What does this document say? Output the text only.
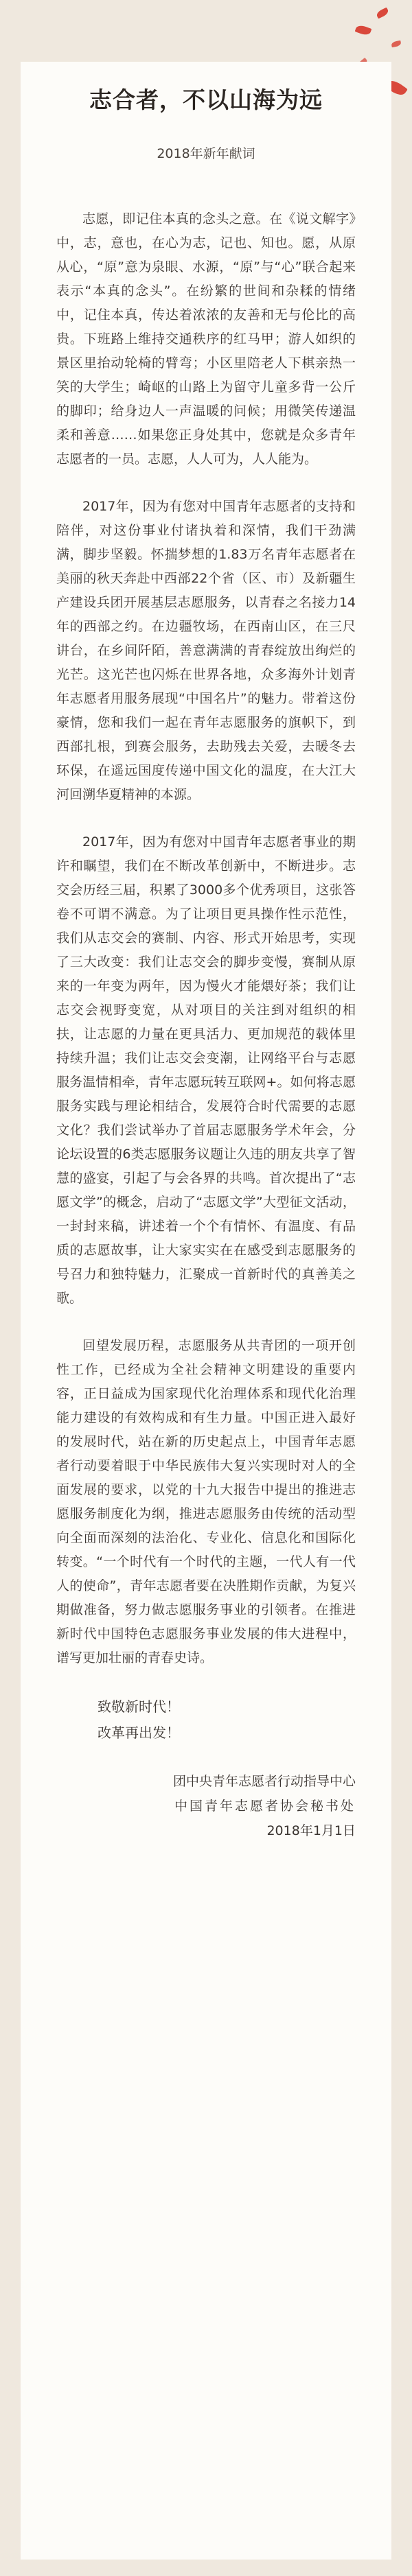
志合者，不以山海为远
2018年新年献词

志愿，即记住本真的念头之意。在《说文解字》中，志，意也，在心为志，记也、知也。愿，从原从心，“原”意为泉眼、水源，“原”与“心”联合起来表示“本真的念头”。在纷繁的世间和杂糅的情绪中，记住本真，传达着浓浓的友善和无与伦比的高贵。下班路上维持交通秩序的红马甲；游人如织的景区里抬动轮椅的臂弯；小区里陪老人下棋亲热一笑的大学生；崎岖的山路上为留守儿童多背一公斤的脚印；给身边人一声温暖的问候；用微笑传递温柔和善意……如果您正身处其中，您就是众多青年志愿者的一员。志愿，人人可为，人人能为。

2017年，因为有您对中国青年志愿者的支持和陪伴，对这份事业付诸执着和深情，我们干劲满满，脚步坚毅。怀揣梦想的1.83万名青年志愿者在美丽的秋天奔赴中西部22个省（区、市）及新疆生产建设兵团开展基层志愿服务，以青春之名接力14年的西部之约。在边疆牧场，在西南山区，在三尺讲台，在乡间阡陌，善意满满的青春绽放出绚烂的光芒。这光芒也闪烁在世界各地，众多海外计划青年志愿者用服务展现“中国名片”的魅力。带着这份豪情，您和我们一起在青年志愿服务的旗帜下，到西部扎根，到赛会服务，去助残去关爱，去暖冬去环保，在遥远国度传递中国文化的温度，在大江大河回溯华夏精神的本源。

2017年，因为有您对中国青年志愿者事业的期许和瞩望，我们在不断改革创新中，不断进步。志交会历经三届，积累了3000多个优秀项目，这张答卷不可谓不满意。为了让项目更具操作性示范性，我们从志交会的赛制、内容、形式开始思考，实现了三大改变：我们让志交会的脚步变慢，赛制从原来的一年变为两年，因为慢火才能煨好茶；我们让志交会视野变宽，从对项目的关注到对组织的相扶，让志愿的力量在更具活力、更加规范的载体里持续升温；我们让志交会变潮，让网络平台与志愿服务温情相牵，青年志愿玩转互联网+。如何将志愿服务实践与理论相结合，发展符合时代需要的志愿文化？我们尝试举办了首届志愿服务学术年会，分论坛设置的6类志愿服务议题让久违的朋友共享了智慧的盛宴，引起了与会各界的共鸣。首次提出了“志愿文学”的概念，启动了“志愿文学”大型征文活动，一封封来稿，讲述着一个个有情怀、有温度、有品质的志愿故事，让大家实实在在感受到志愿服务的号召力和独特魅力，汇聚成一首新时代的真善美之歌。

回望发展历程，志愿服务从共青团的一项开创性工作，已经成为全社会精神文明建设的重要内容，正日益成为国家现代化治理体系和现代化治理能力建设的有效构成和有生力量。中国正进入最好的发展时代，站在新的历史起点上，中国青年志愿者行动要着眼于中华民族伟大复兴实现时对人的全面发展的要求，以党的十九大报告中提出的推进志愿服务制度化为纲，推进志愿服务由传统的活动型向全面而深刻的法治化、专业化、信息化和国际化转变。“一个时代有一个时代的主题，一代人有一代人的使命”，青年志愿者要在决胜期作贡献，为复兴期做准备，努力做志愿服务事业的引领者。在推进新时代中国特色志愿服务事业发展的伟大进程中，谱写更加壮丽的青春史诗。

致敬新时代！
改革再出发！
团中央青年志愿者行动指导中心
中国青年志愿者协会秘书处
2018年1月1日
